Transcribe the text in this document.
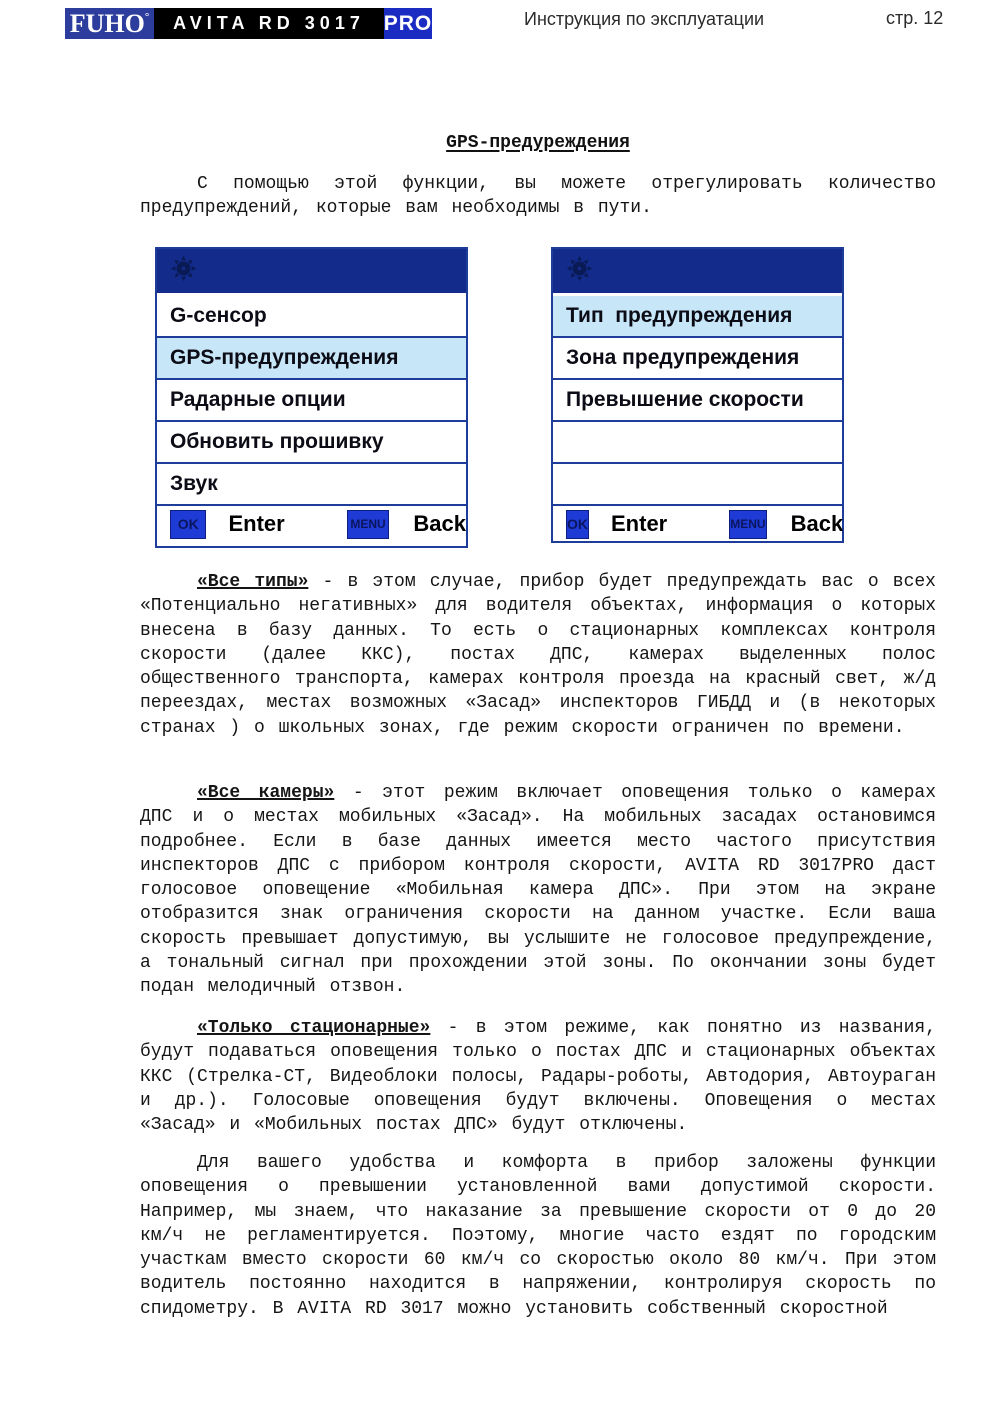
FUHO °	AVITA RD 3017 PRO	Инструкция по эксплуатации	стр. 12
GPS-предуреждения

С помощью этой функции, вы можете отрегулировать количество предупреждений, которые вам необходимы в пути.

G-сенсор
GPS-предупреждения
Радарные опции
Обновить прошивку
Звук
OK	Enter	MENU Back
Тип  предупреждения
Зона предупреждения
Превышение скорости
OK Enter	MENU Back

«Все типы» - в этом случае, прибор будет предупреждать вас о всех «Потенциально негативных» для водителя объектах, информация о которых внесена в базу данных. То есть о стационарных комплексах контроля скорости (далее ККС), постах ДПС, камерах выделенных полос общественного транспорта, камерах контроля проезда на красный свет, ж/д переездах, местах возможных «Засад» инспекторов ГИБДД и (в некоторых странах ) о школьных зонах, где режим скорости ограничен по времени.

«Все камеры» - этот режим включает оповещения только о камерах ДПС и о местах мобильных «Засад». На мобильных засадах остановимся подробнее. Если в базе данных имеется место частого присутствия инспекторов ДПС с прибором контроля скорости, AVITA RD 3017PRO даст голосовое оповещение «Мобильная камера ДПС». При этом на экране отобразится знак ограничения скорости на данном участке. Если ваша скорость превышает допустимую, вы услышите не голосовое предупреждение, а тональный сигнал при прохождении этой зоны. По окончании зоны будет подан мелодичный отзвон.

«Только стационарные» - в этом режиме, как понятно из названия, будут подаваться оповещения только о постах ДПС и стационарных объектах ККС (Стрелка-СТ, Видеоблоки полосы, Радары-роботы, Автодория, Автоураган и др.). Голосовые оповещения будут включены. Оповещения о местах «Засад» и «Мобильных постах ДПС» будут отключены.

Для вашего удобства и комфорта в прибор заложены функции оповещения о превышении установленной вами допустимой скорости. Например, мы знаем, что наказание за превышение скорости от 0 до 20 км/ч не регламентируется. Поэтому, многие часто ездят по городским участкам вместо скорости 60 км/ч со скоростью около 80 км/ч. При этом водитель постоянно находится в напряжении, контролируя скорость по спидометру. В AVITA RD 3017 можно установить собственный скоростной
